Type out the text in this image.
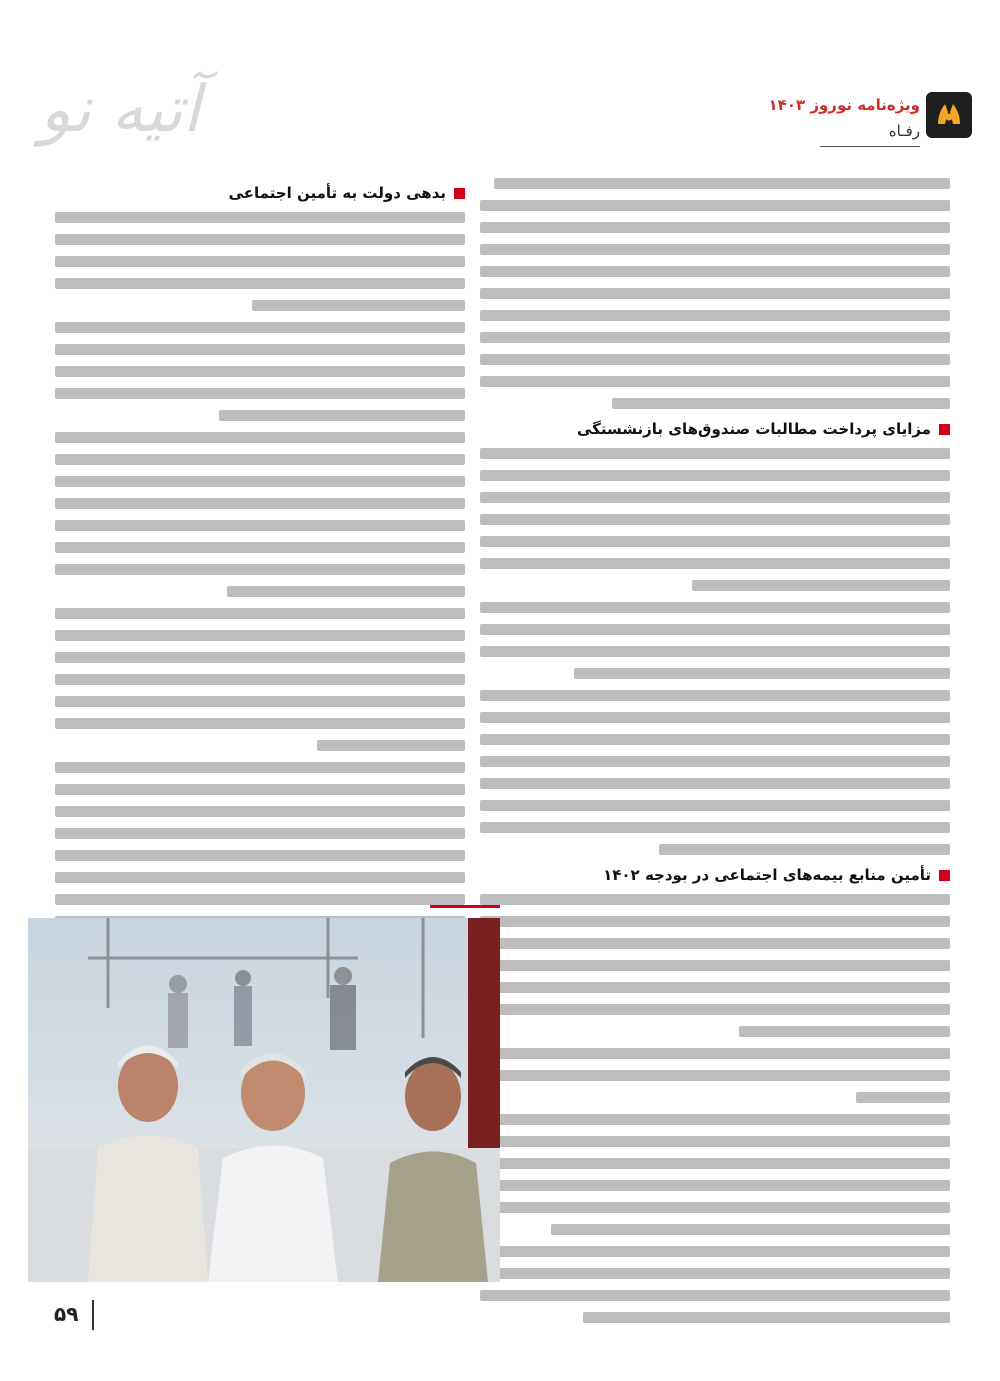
آتیه نو	ویژه‌نامه نوروز ۱۴۰۳
رفـاه
مزایای پرداخت مطالبات صندوق‌های بازنشستگی
تأمین منابع بیمه‌های اجتماعی در بودجه ۱۴۰۲
بدهی دولت به تأمین اجتماعی
۵۹
